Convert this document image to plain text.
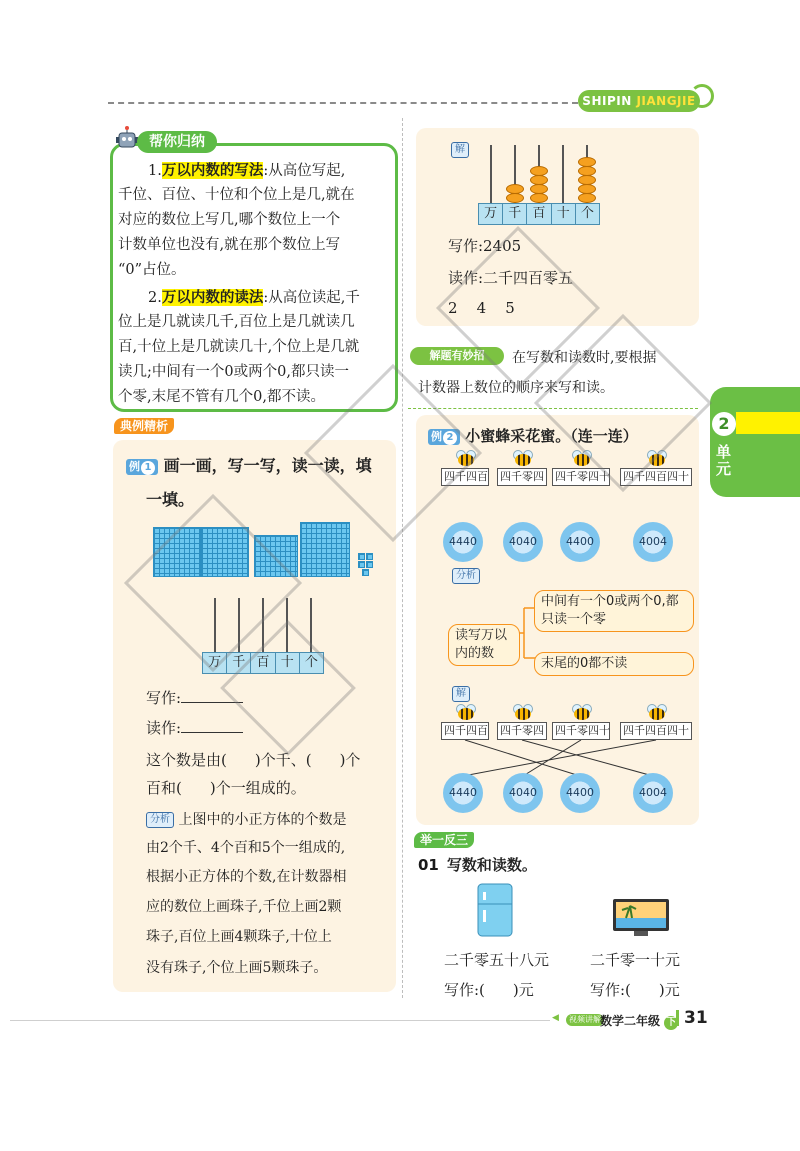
SHIPIN JIANGJIE
帮你归纳
1.万以内数的写法:从高位写起,
千位、百位、十位和个位上是几,就在
对应的数位上写几,哪个数位上一个
计数单位也没有,就在那个数位上写
“0”占位。
2.万以内数的读法:从高位读起,千
位上是几就读几千,百位上是几就读几
百,十位上是几就读几十,个位上是几就
读几;中间有一个0或两个0,都只读一
个零,末尾不管有几个0,都不读。
典例精析
例 1 画一画，写一写，读一读，填
一填。
万 千 百 十 个
写作:
读作:
这个数是由( )个千、( )个
百和( )个一组成的。
分析 上图中的小正方体的个数是
由2个千、4个百和5个一组成的,
根据小正方体的个数,在计数器相
应的数位上画珠子,千位上画2颗
珠子,百位上画4颗珠子,十位上
没有珠子,个位上画5颗珠子。
解
万 千 百 十 个
写作:2405
读作:二千四百零五
2    4    5
解题有妙招	在写数和读数时,要根据
计数器上数位的顺序来写和读。
例 2 小蜜蜂采花蜜。（连一连）
四千四百 四千零四 四千零四十 四千四百四十
4440	4040	4400	4004
分析
读写万以内的数
中间有一个0或两个0,都只读一个零
末尾的0都不读
解
四千四百 四千零四 四千零四十 四千四百四十
4440	4040	4400	4004
举一反三
01 写数和读数。
二千零五十八元
写作:( )元
二千零一十元
写作:( )元
2
单元
◀	视频讲解 数学二年级 下 31
